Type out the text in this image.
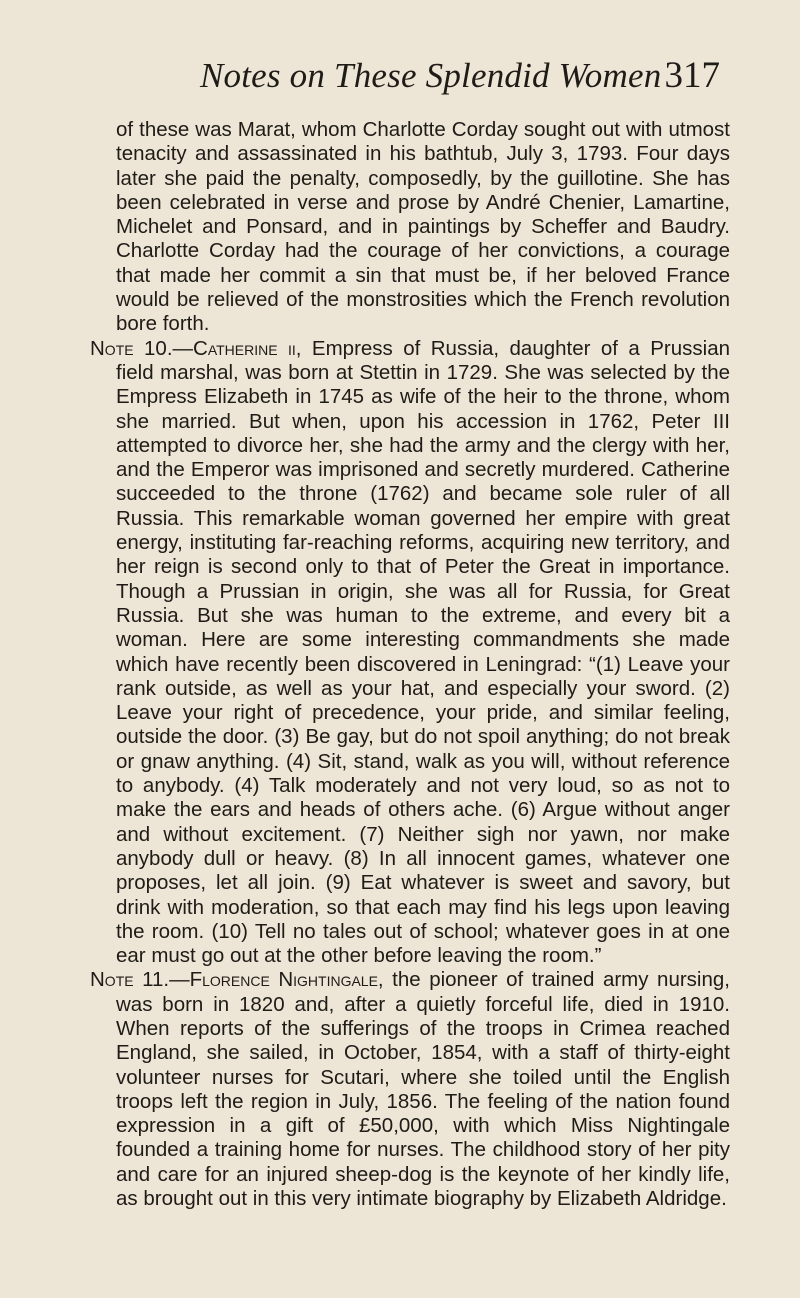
Notes on These Splendid Women 317

of these was Marat, whom Charlotte Corday sought out with utmost tenacity and assassinated in his bathtub, July 3, 1793. Four days later she paid the penalty, composedly, by the guillotine. She has been celebrated in verse and prose by André Chenier, Lamartine, Michelet and Ponsard, and in paintings by Scheffer and Baudry. Charlotte Corday had the courage of her convictions, a courage that made her commit a sin that must be, if her beloved France would be relieved of the monstrosities which the French revolution bore forth.

Note 10.—Catherine ii, Empress of Russia, daughter of a Prussian field marshal, was born at Stettin in 1729. She was selected by the Empress Elizabeth in 1745 as wife of the heir to the throne, whom she married. But when, upon his accession in 1762, Peter III attempted to divorce her, she had the army and the clergy with her, and the Emperor was imprisoned and secretly murdered. Catherine succeeded to the throne (1762) and became sole ruler of all Russia. This remarkable woman governed her empire with great energy, instituting far-reaching reforms, acquiring new territory, and her reign is second only to that of Peter the Great in importance. Though a Prussian in origin, she was all for Russia, for Great Russia. But she was human to the extreme, and every bit a woman. Here are some interesting commandments she made which have recently been discovered in Leningrad: “(1) Leave your rank outside, as well as your hat, and especially your sword. (2) Leave your right of precedence, your pride, and similar feeling, outside the door. (3) Be gay, but do not spoil anything; do not break or gnaw anything. (4) Sit, stand, walk as you will, without reference to anybody. (4) Talk moderately and not very loud, so as not to make the ears and heads of others ache. (6) Argue without anger and without excitement. (7) Neither sigh nor yawn, nor make anybody dull or heavy. (8) In all innocent games, whatever one proposes, let all join. (9) Eat whatever is sweet and savory, but drink with moderation, so that each may find his legs upon leaving the room. (10) Tell no tales out of school; whatever goes in at one ear must go out at the other before leaving the room.”

Note 11.—Florence Nightingale, the pioneer of trained army nursing, was born in 1820 and, after a quietly forceful life, died in 1910. When reports of the sufferings of the troops in Crimea reached England, she sailed, in October, 1854, with a staff of thirty-eight volunteer nurses for Scutari, where she toiled until the English troops left the region in July, 1856. The feeling of the nation found expression in a gift of £50,000, with which Miss Nightingale founded a training home for nurses. The childhood story of her pity and care for an injured sheep-dog is the keynote of her kindly life, as brought out in this very intimate biography by Elizabeth Aldridge.
